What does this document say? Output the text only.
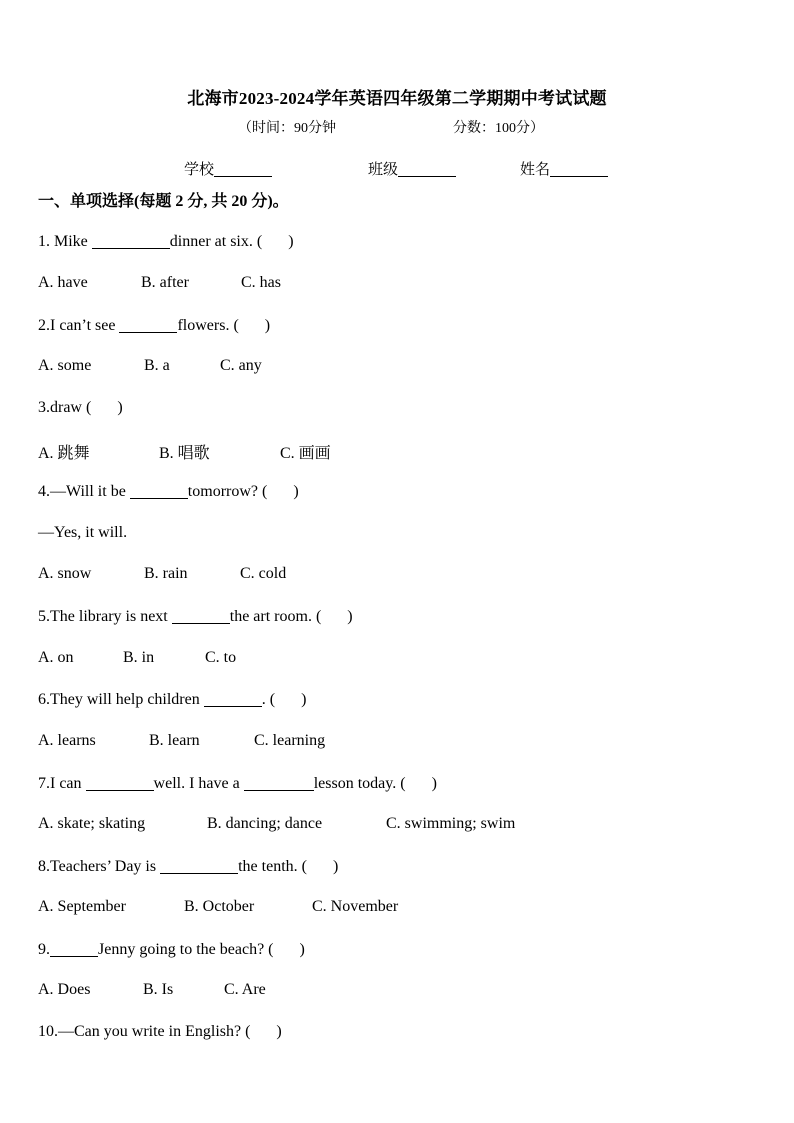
北海市2023-2024学年英语四年级第二学期期中考试试题
（时间：90分钟	分数：100分）
学校	班级	姓名
一、单项选择(每题 2 分, 共 20 分)。
1. Mike	dinner at six. ( )
A. have	B. after	C. has
2.I can’t see	flowers. ( )
A. some	B. a	C. any
3.draw ( )
A. 跳舞	B. 唱歌	C. 画画
4.—Will it be	tomorrow? ( )
—Yes, it will.
A. snow	B. rain	C. cold
5.The library is next	the art room. ( )
A. on	B. in	C. to
6.They will help children	. ( )
A. learns	B. learn	C. learning
7.I can	well. I have a	lesson today. ( )
A. skate; skating	B. dancing; dance	C. swimming; swim
8.Teachers’ Day is	the tenth. ( )
A. September	B. October	C. November
9.	Jenny going to the beach? ( )
A. Does	B. Is	C. Are
10.—Can you write in English? ( )
